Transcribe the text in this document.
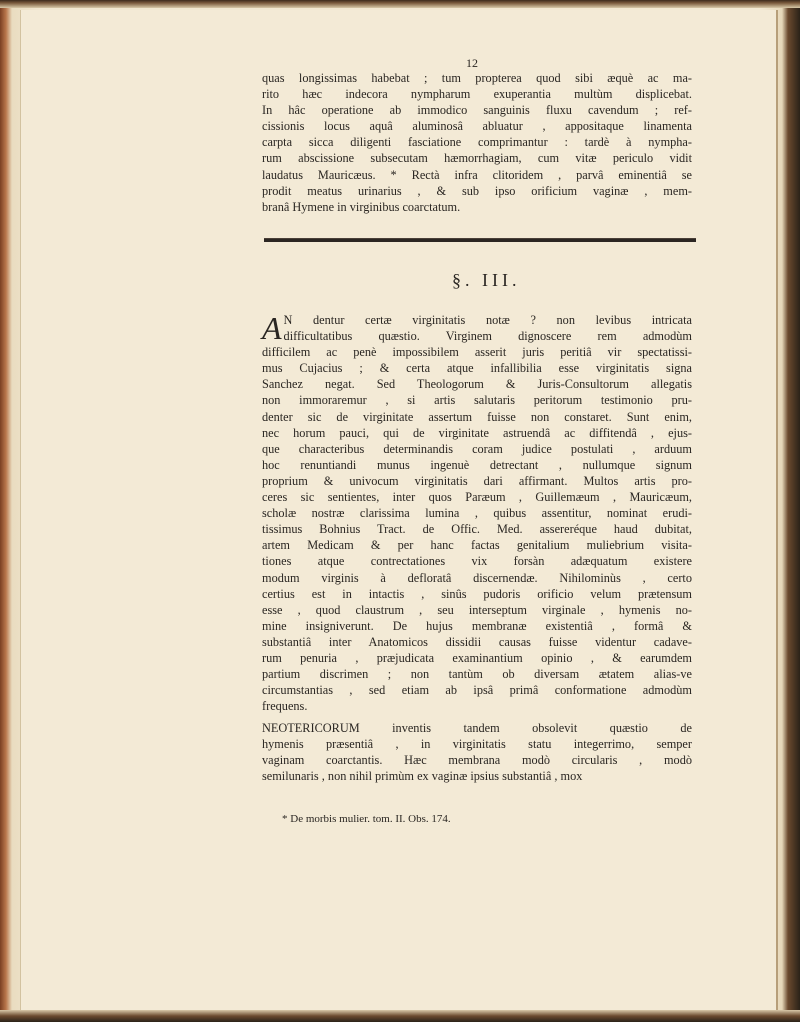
12
quas longissimas habebat ; tum propterea quod sibi æquè ac ma-
rito hæc indecora nympharum exuperantia multùm displicebat.
In hâc operatione ab immodico sanguinis fluxu cavendum ; ref-
cissionis locus aquâ aluminosâ abluatur , appositaque linamenta
carpta sicca diligenti fasciatione comprimantur : tardè à nympha-
rum abscissione subsecutam hæmorrhagiam, cum vitæ periculo vidit
laudatus Mauricæus. * Rectà infra clitoridem , parvâ eminentiâ se
prodit meatus urinarius , & sub ipso orificium vaginæ , mem-
branâ Hymene in virginibus coarctatum.
§. III.
A N dentur certæ virginitatis notæ ? non levibus intricata
difficultatibus quæstio. Virginem dignoscere rem admodùm
difficilem ac penè impossibilem asserit juris peritiâ vir spectatissi-
mus Cujacius ; & certa atque infallibilia esse virginitatis signa
Sanchez negat. Sed Theologorum & Juris-Consultorum allegatis
non immoraremur , si artis salutaris peritorum testimonio pru-
denter sic de virginitate assertum fuisse non constaret. Sunt enim,
nec horum pauci, qui de virginitate astruendâ ac diffitendâ , ejus-
que characteribus determinandis coram judice postulati , arduum
hoc renuntiandi munus ingenuè detrectant , nullumque signum
proprium & univocum virginitatis dari affirmant. Multos artis pro-
ceres sic sentientes, inter quos Paræum , Guillemæum , Mauricæum,
scholæ nostræ clarissima lumina , quibus assentitur, nominat erudi-
tissimus Bohnius Tract. de Offic. Med. assereréque haud dubitat,
artem Medicam & per hanc factas genitalium muliebrium visita-
tiones atque contrectationes vix forsàn adæquatum existere
modum virginis à defloratâ discernendæ. Nihilominùs , certo
certius est in intactis , sinûs pudoris orificio velum prætensum
esse , quod claustrum , seu interseptum virginale , hymenis no-
mine insigniverunt. De hujus membranæ existentiâ , formâ &
substantiâ inter Anatomicos dissidii causas fuisse videntur cadave-
rum penuria , præjudicata examinantium opinio , & earumdem
partium discrimen ; non tantùm ob diversam ætatem alias-ve
circumstantias , sed etiam ab ipsâ primâ conformatione admodùm
frequens.
NEOTERICORUM inventis tandem obsolevit quæstio de
hymenis præsentiâ , in virginitatis statu integerrimo, semper
vaginam coarctantis. Hæc membrana modò circularis , modò
semilunaris , non nihil primùm ex vaginæ ipsius substantiâ , mox
* De morbis mulier. tom. II. Obs. 174.
